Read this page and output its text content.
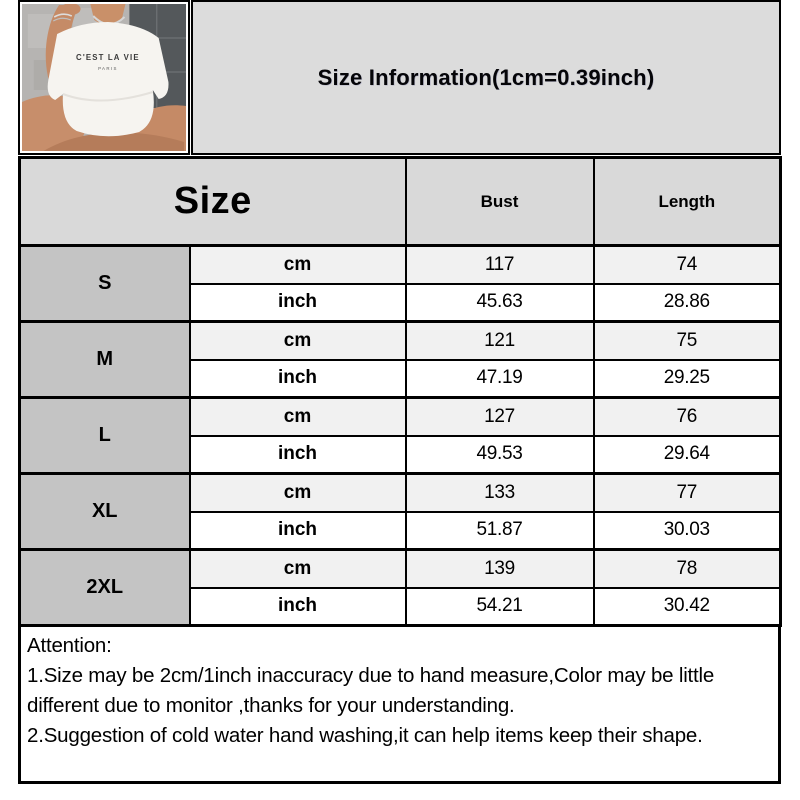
C'EST LA VIE
PARIS	Size Information(1cm=0.39inch)
Size		Bust	Length
S	cm	117	74
	inch	45.63	28.86
M	cm	121	75
	inch	47.19	29.25
L	cm	127	76
	inch	49.53	29.64
XL	cm	133	77
	inch	51.87	30.03
2XL	cm	139	78
	inch	54.21	30.42

Attention:

1.Size may be 2cm/1inch inaccuracy due to hand measure,Color may be little different due to monitor ,thanks for your understanding.

2.Suggestion of cold water hand washing,it can help items keep their shape.
